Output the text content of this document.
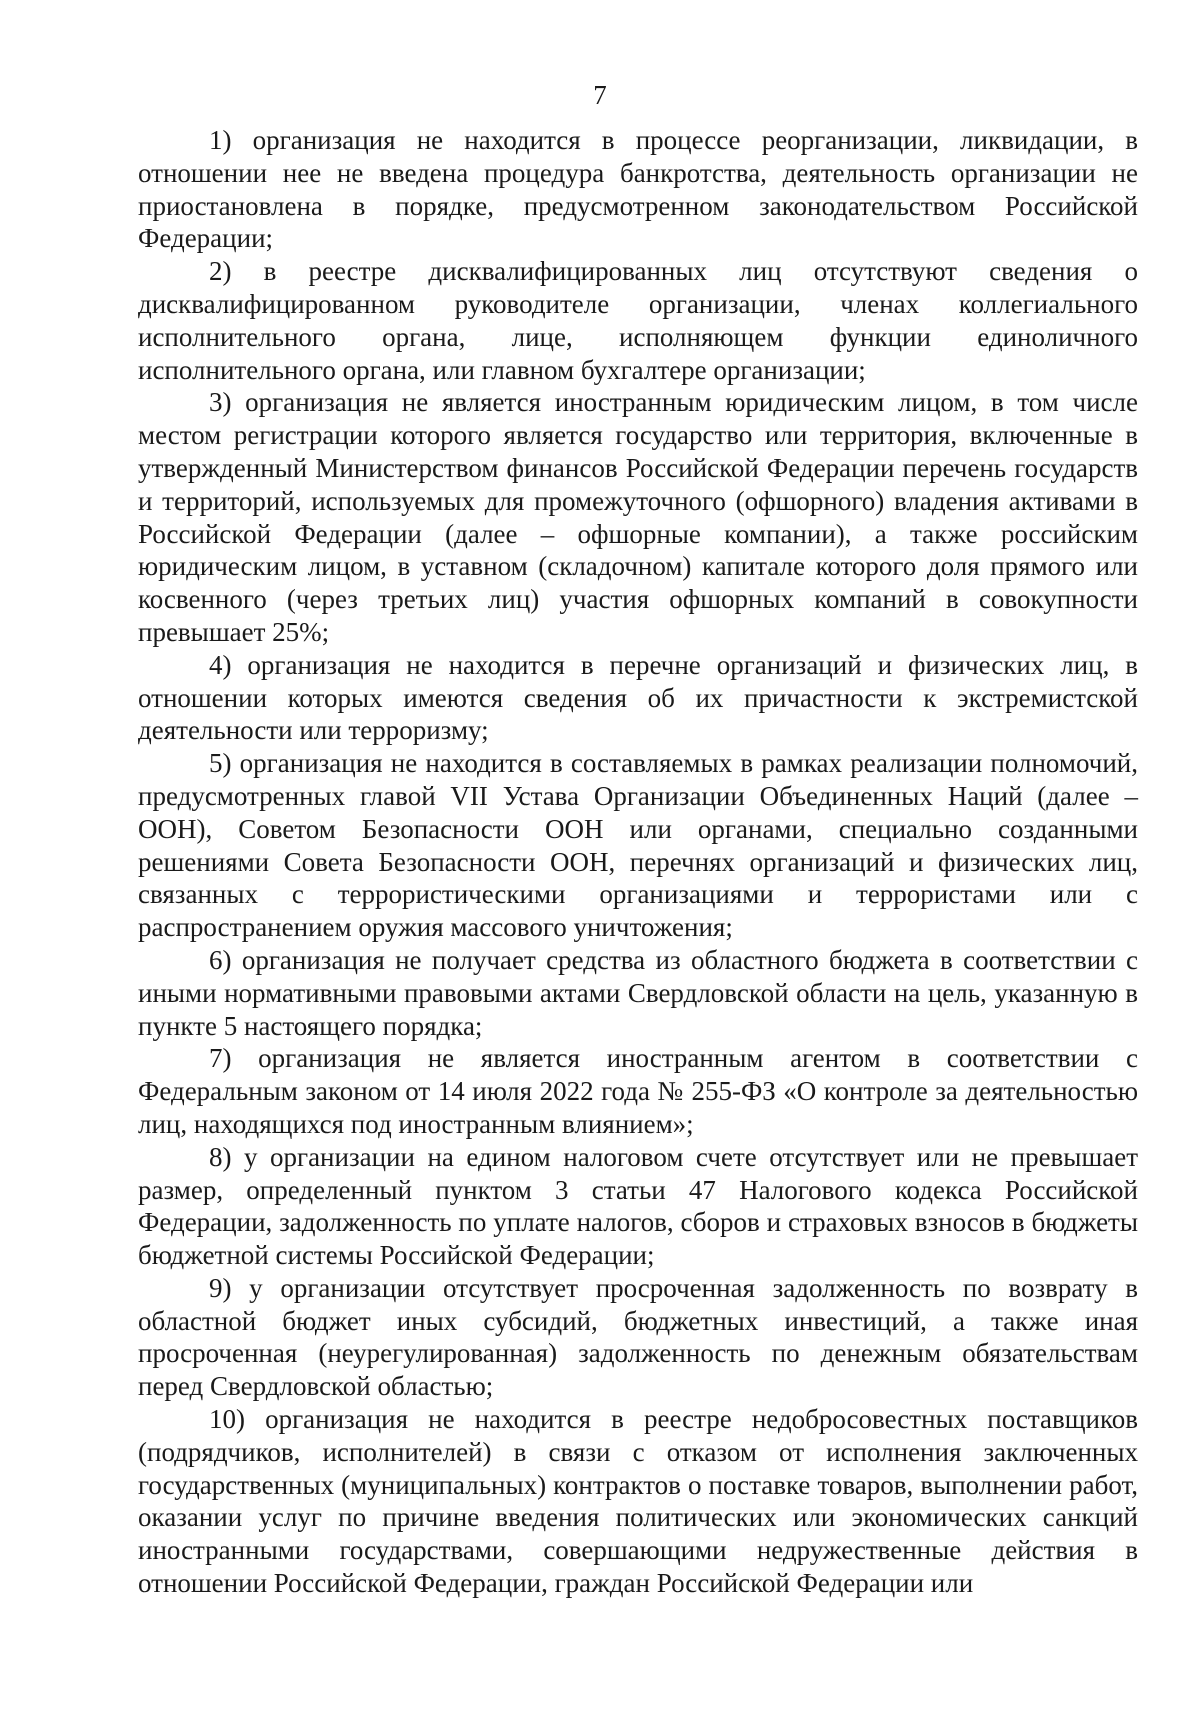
7

1) организация не находится в процессе реорганизации, ликвидации, в отношении нее не введена процедура банкротства, деятельность организации не приостановлена в порядке, предусмотренном законодательством Российской Федерации;

2) в реестре дисквалифицированных лиц отсутствуют сведения о дисквалифицированном руководителе организации, членах коллегиального исполнительного органа, лице, исполняющем функции единоличного исполнительного органа, или главном бухгалтере организации;

3) организация не является иностранным юридическим лицом, в том числе местом регистрации которого является государство или территория, включенные в утвержденный Министерством финансов Российской Федерации перечень государств и территорий, используемых для промежуточного (офшорного) владения активами в Российской Федерации (далее – офшорные компании), а также российским юридическим лицом, в уставном (складочном) капитале которого доля прямого или косвенного (через третьих лиц) участия офшорных компаний в совокупности превышает 25%;

4) организация не находится в перечне организаций и физических лиц, в отношении которых имеются сведения об их причастности к экстремистской деятельности или терроризму;

5) организация не находится в составляемых в рамках реализации полномочий, предусмотренных главой VII Устава Организации Объединенных Наций (далее – ООН), Советом Безопасности ООН или органами, специально созданными решениями Совета Безопасности ООН, перечнях организаций и физических лиц, связанных с террористическими организациями и террористами или с распространением оружия массового уничтожения;

6) организация не получает средства из областного бюджета в соответствии с иными нормативными правовыми актами Свердловской области на цель, указанную в пункте 5 настоящего порядка;

7) организация не является иностранным агентом в соответствии с Федеральным законом от 14 июля 2022 года № 255-ФЗ «О контроле за деятельностью лиц, находящихся под иностранным влиянием»;

8) у организации на едином налоговом счете отсутствует или не превышает размер, определенный пунктом 3 статьи 47 Налогового кодекса Российской Федерации, задолженность по уплате налогов, сборов и страховых взносов в бюджеты бюджетной системы Российской Федерации;

9) у организации отсутствует просроченная задолженность по возврату в областной бюджет иных субсидий, бюджетных инвестиций, а также иная просроченная (неурегулированная) задолженность по денежным обязательствам перед Свердловской областью;

10) организация не находится в реестре недобросовестных поставщиков (подрядчиков, исполнителей) в связи с отказом от исполнения заключенных государственных (муниципальных) контрактов о поставке товаров, выполнении работ, оказании услуг по причине введения политических или экономических санкций иностранными государствами, совершающими недружественные действия в отношении Российской Федерации, граждан Российской Федерации или
